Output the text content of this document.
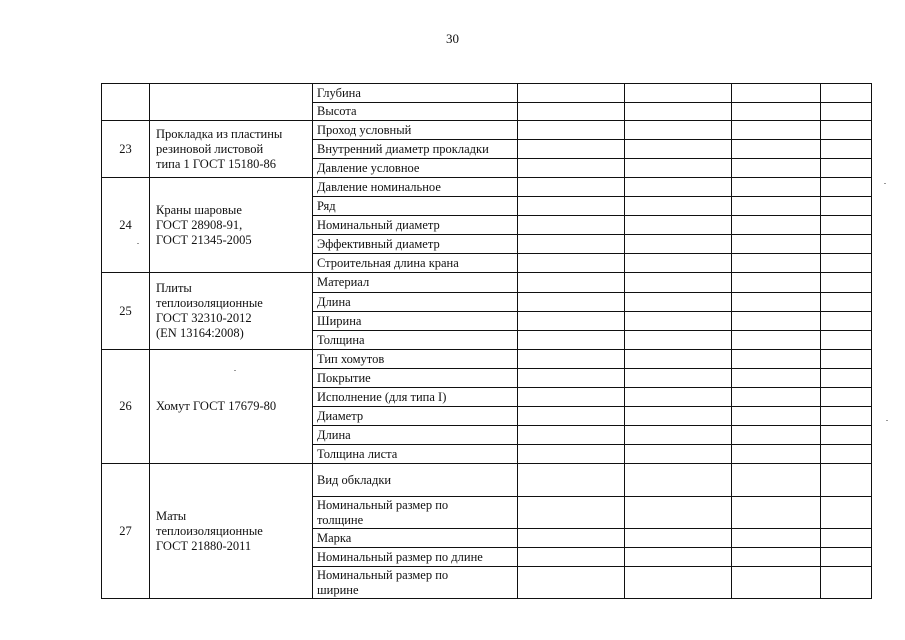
30

		Глубина				

		Высота				

23	Прокладка из пластины
резиновой листовой
типа 1 ГОСТ 15180-86	Проход условный				

		Внутренний диаметр прокладки				

		Давление условное				

24	Краны шаровые
ГОСТ 28908-91,
ГОСТ 21345-2005	Давление номинальное				

		Ряд				

		Номинальный диаметр				

		Эффективный диаметр				

		Строительная длина крана				

25	Плиты
теплоизоляционные
ГОСТ 32310-2012
(EN 13164:2008)	Материал				

		Длина				

		Ширина				

		Толщина				

26	Хомут ГОСТ 17679-80	Тип хомутов				

		Покрытие				

		Исполнение (для типа I)				

		Диаметр				

		Длина				

		Толщина листа				

27	Маты
теплоизоляционные
ГОСТ 21880-2011	Вид обкладки				

		Номинальный размер по
толщине				

		Марка				

		Номинальный размер по длине				

		Номинальный размер по
ширине				
